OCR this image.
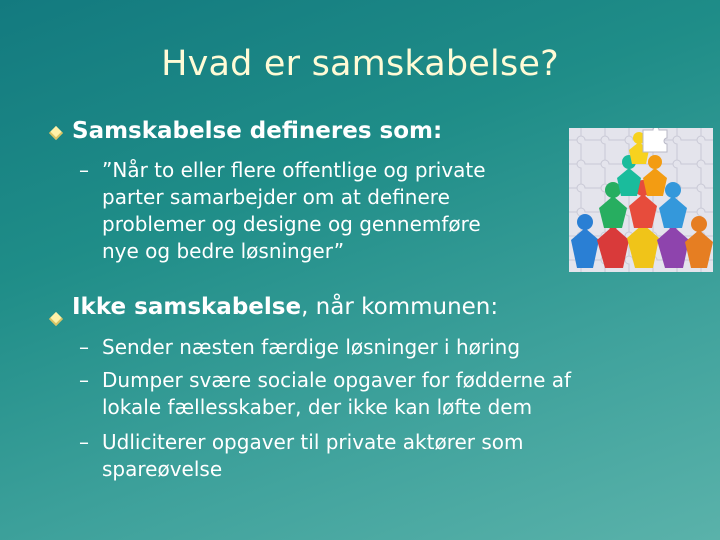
Hvad er samskabelse?
Samskabelse defineres som:
– ”Når to eller flere offentlige og private
parter samarbejder om at definere
problemer og designe og gennemføre
nye og bedre løsninger”
Ikke samskabelse, når kommunen:
– Sender næsten færdige løsninger i høring
– Dumper svære sociale opgaver for fødderne af
lokale fællesskaber, der ikke kan løfte dem
– Udliciterer opgaver til private aktører som
spareøvelse
